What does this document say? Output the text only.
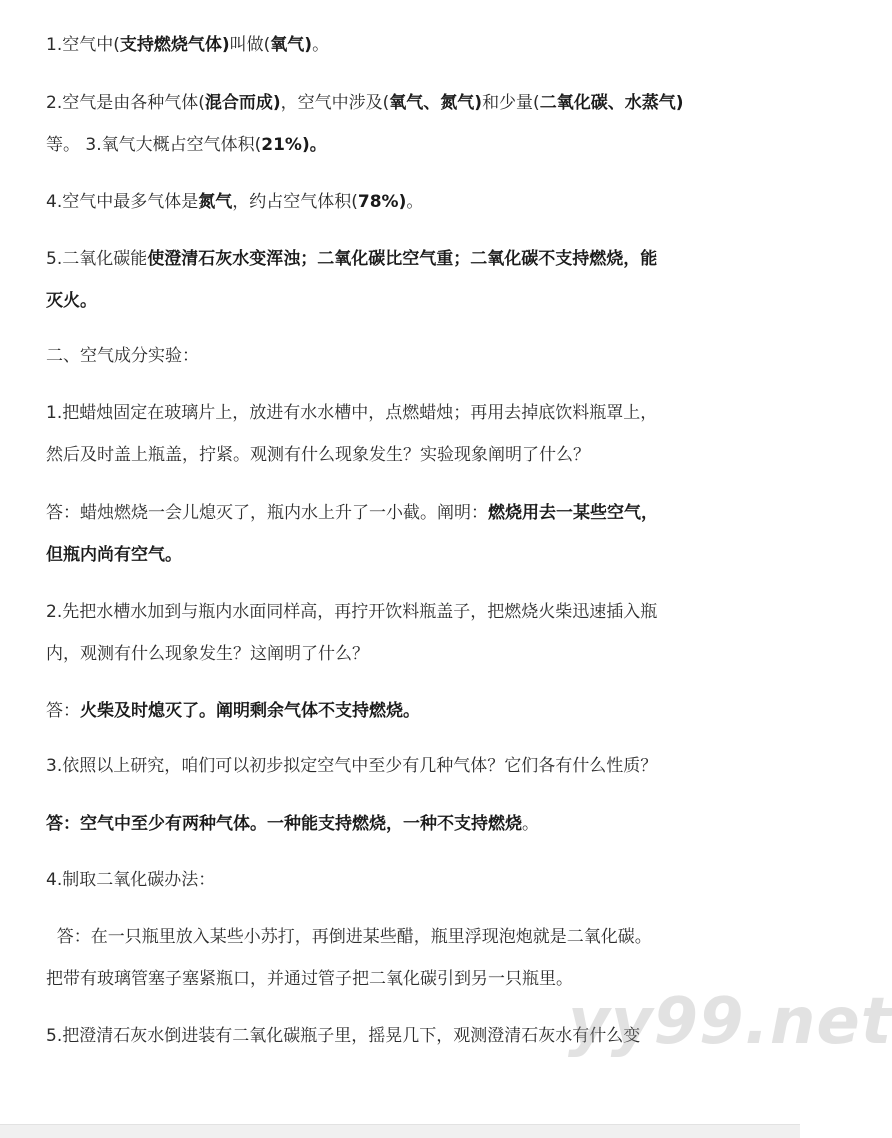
1.空气中(支持燃烧气体)叫做(氧气)。
2.空气是由各种气体(混合而成)，空气中涉及(氧气、氮气)和少量(二氧化碳、水蒸气)
等。 3.氧气大概占空气体积(21%)。
4.空气中最多气体是氮气，约占空气体积(78%)。
5.二氧化碳能使澄清石灰水变浑浊；二氧化碳比空气重；二氧化碳不支持燃烧，能
灭火。
二、空气成分实验：
1.把蜡烛固定在玻璃片上，放进有水水槽中，点燃蜡烛；再用去掉底饮料瓶罩上，
然后及时盖上瓶盖，拧紧。观测有什么现象发生？实验现象阐明了什么？
答：蜡烛燃烧一会儿熄灭了，瓶内水上升了一小截。阐明：燃烧用去一某些空气，
但瓶内尚有空气。
2.先把水槽水加到与瓶内水面同样高，再拧开饮料瓶盖子，把燃烧火柴迅速插入瓶
内，观测有什么现象发生？这阐明了什么？
答：火柴及时熄灭了。阐明剩余气体不支持燃烧。
3.依照以上研究，咱们可以初步拟定空气中至少有几种气体？它们各有什么性质？
答：空气中至少有两种气体。一种能支持燃烧，一种不支持燃烧。
4.制取二氧化碳办法：
答：在一只瓶里放入某些小苏打，再倒进某些醋，瓶里浮现泡炮就是二氧化碳。
把带有玻璃管塞子塞紧瓶口，并通过管子把二氧化碳引到另一只瓶里。
5.把澄清石灰水倒进装有二氧化碳瓶子里，摇晃几下，观测澄清石灰水有什么变
yy99.net
